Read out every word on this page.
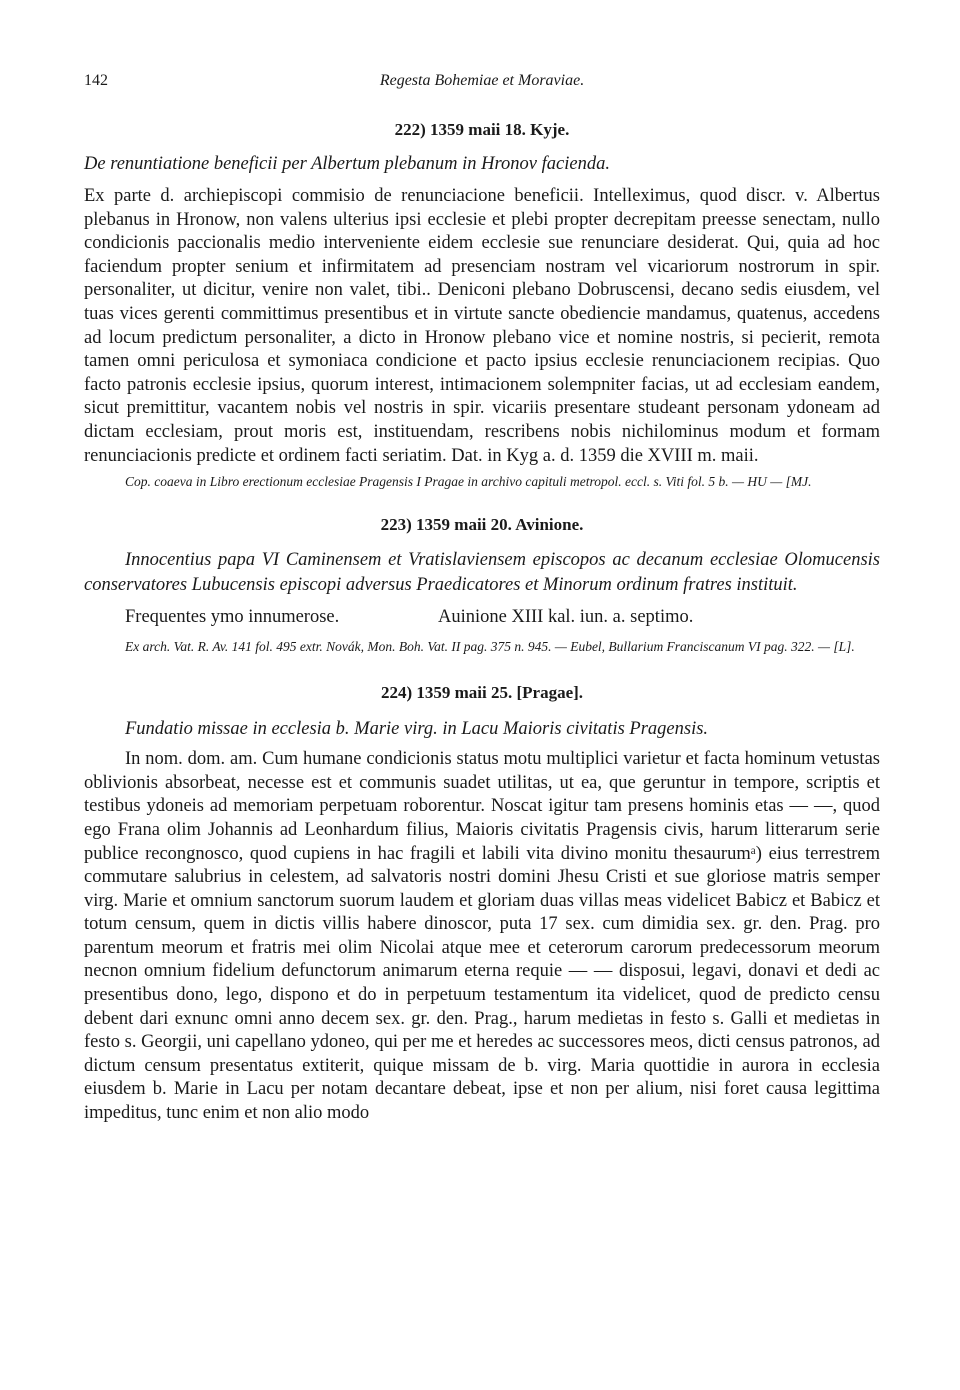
142	Regesta Bohemiae et Moraviae.

222) 1359 maii 18. Kyje.

De renuntiatione beneficii per Albertum plebanum in Hronov facienda.

Ex parte d. archiepiscopi commisio de renunciacione beneficii. Intelleximus, quod discr. v. Albertus plebanus in Hronow, non valens ulterius ipsi ecclesie et plebi propter decrepitam preesse senectam, nullo condicionis paccionalis medio interveniente eidem ecclesie sue renunciare desiderat. Qui, quia ad hoc faciendum propter senium et infirmitatem ad presenciam nostram vel vicariorum nostrorum in spir. personaliter, ut dicitur, venire non valet, tibi.. Deniconi plebano Dobruscensi, decano sedis eiusdem, vel tuas vices gerenti committimus presentibus et in virtute sancte obediencie mandamus, quatenus, accedens ad locum predictum personaliter, a dicto in Hronow plebano vice et nomine nostris, si pecierit, remota tamen omni periculosa et symoniaca condicione et pacto ipsius ecclesie renunciacionem recipias. Quo facto patronis ecclesie ipsius, quorum interest, intimacionem solempniter facias, ut ad ecclesiam eandem, sicut premittitur, vacantem nobis vel nostris in spir. vicariis presentare studeant personam ydoneam ad dictam ecclesiam, prout moris est, instituendam, rescribens nobis nichilominus modum et formam renunciacionis predicte et ordinem facti seriatim. Dat. in Kyg a. d. 1359 die XVIII m. maii.

Cop. coaeva in Libro erectionum ecclesiae Pragensis I Pragae in archivo capituli metropol. eccl. s. Viti fol. 5 b. — HU — [MJ.

223) 1359 maii 20. Avinione.

Innocentius papa VI Caminensem et Vratislaviensem episcopos ac decanum ecclesiae Olomucensis conservatores Lubucensis episcopi adversus Praedicatores et Minorum ordinum fratres instituit.

Frequentes ymo innumerose.	Auinione XIII kal. iun. a. septimo.

Ex arch. Vat. R. Av. 141 fol. 495 extr. Novák, Mon. Boh. Vat. II pag. 375 n. 945. — Eubel, Bullarium Franciscanum VI pag. 322. — [L].

224) 1359 maii 25. [Pragae].

Fundatio missae in ecclesia b. Marie virg. in Lacu Maioris civitatis Pragensis.

In nom. dom. am. Cum humane condicionis status motu multiplici varietur et facta hominum vetustas oblivionis absorbeat, necesse est et communis suadet utilitas, ut ea, que geruntur in tempore, scriptis et testibus ydoneis ad memoriam perpetuam roborentur. Noscat igitur tam presens hominis etas — —, quod ego Frana olim Johannis ad Leonhardum filius, Maioris civitatis Pragensis civis, harum litterarum serie publice recongnosco, quod cupiens in hac fragili et labili vita divino monitu thesaurumᵃ) eius terrestrem commutare salubrius in celestem, ad salvatoris nostri domini Jhesu Cristi et sue gloriose matris semper virg. Marie et omnium sanctorum suorum laudem et gloriam duas villas meas videlicet Babicz et Babicz et totum censum, quem in dictis villis habere dinoscor, puta 17 sex. cum dimidia sex. gr. den. Prag. pro parentum meorum et fratris mei olim Nicolai atque mee et ceterorum carorum predecessorum meorum necnon omnium fidelium defunctorum animarum eterna requie — — disposui, legavi, donavi et dedi ac presentibus dono, lego, dispono et do in perpetuum testamentum ita videlicet, quod de predicto censu debent dari exnunc omni anno decem sex. gr. den. Prag., harum medietas in festo s. Galli et medietas in festo s. Georgii, uni capellano ydoneo, qui per me et heredes ac successores meos, dicti census patronos, ad dictum censum presentatus extiterit, quique missam de b. virg. Maria quottidie in aurora in ecclesia eiusdem b. Marie in Lacu per notam decantare debeat, ipse et non per alium, nisi foret causa legittima impeditus, tunc enim et non alio modo
